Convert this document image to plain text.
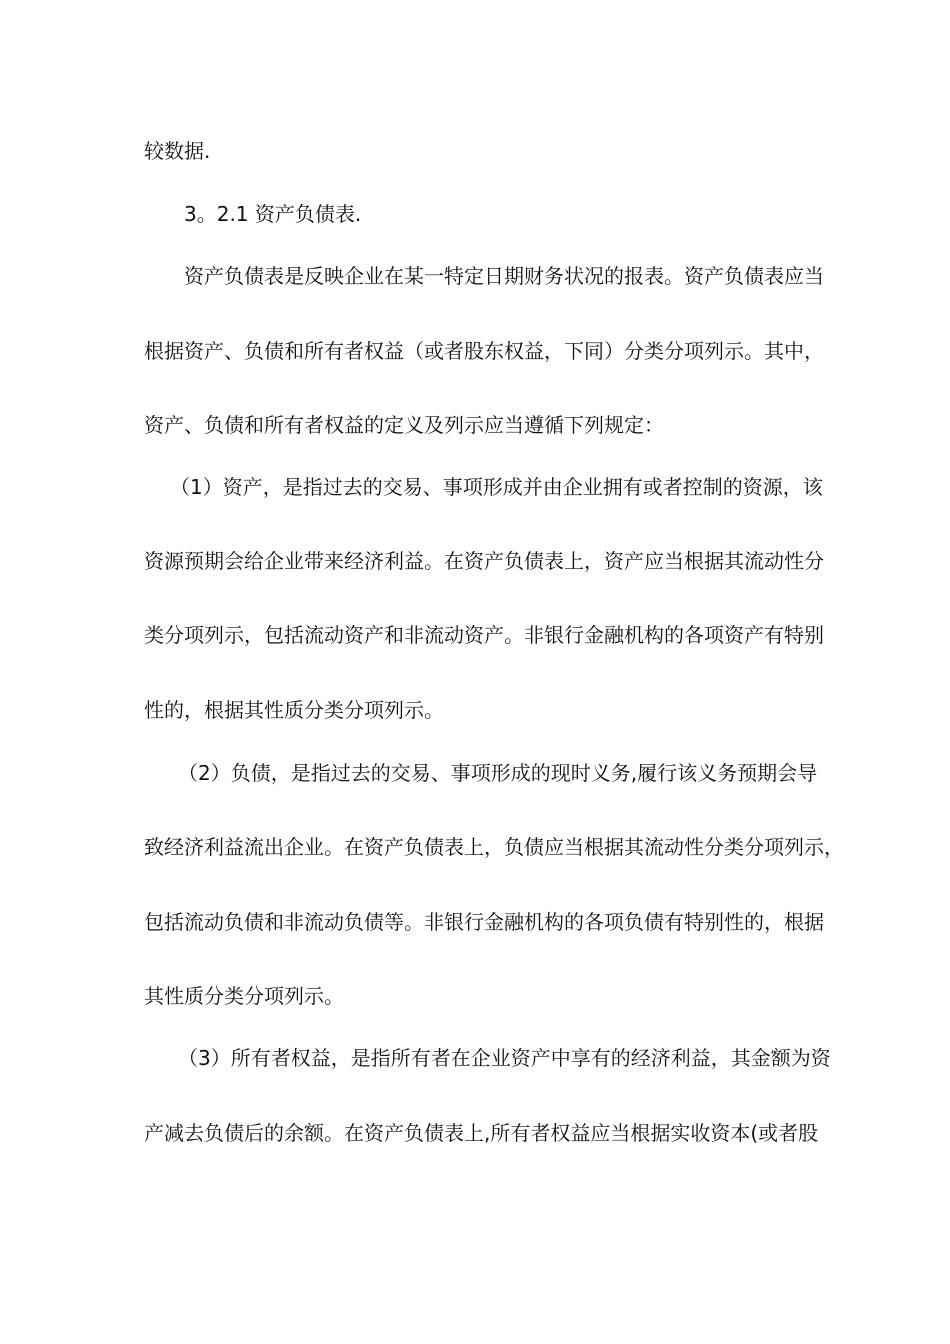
较数据.
3。2.1 资产负债表.
资产负债表是反映企业在某一特定日期财务状况的报表。资产负债表应当
根据资产、负债和所有者权益（或者股东权益，下同）分类分项列示。其中，
资产、负债和所有者权益的定义及列示应当遵循下列规定：
（1）资产，是指过去的交易、事项形成并由企业拥有或者控制的资源，该
资源预期会给企业带来经济利益。在资产负债表上，资产应当根据其流动性分
类分项列示，包括流动资产和非流动资产。非银行金融机构的各项资产有特别
性的，根据其性质分类分项列示。
（2）负债，是指过去的交易、事项形成的现时义务,履行该义务预期会导
致经济利益流出企业。在资产负债表上，负债应当根据其流动性分类分项列示，
包括流动负债和非流动负债等。非银行金融机构的各项负债有特别性的，根据
其性质分类分项列示。
（3）所有者权益，是指所有者在企业资产中享有的经济利益，其金额为资
产减去负债后的余额。在资产负债表上,所有者权益应当根据实收资本(或者股
